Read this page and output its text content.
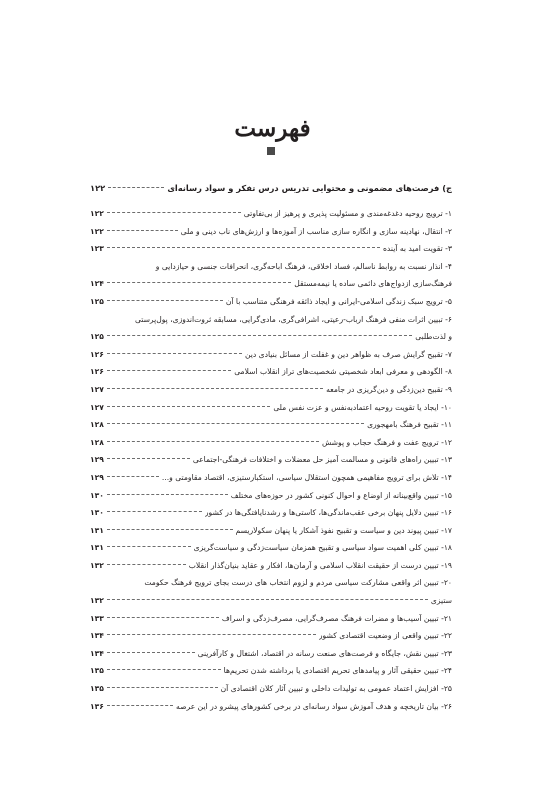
فهرست
ج) فرصت‌های مضمونی و محتوایی تدریس درس تفکر و سواد رسانه‌ای
۱۲۲
۱- ترویج روحیه دغدغه‌مندی و مسئولیت پذیری و پرهیز از بی‌تفاوتی
۱۲۲
۲- انتقال، نهادینه سازی و انگاره سازی مناسب از آموزه‌ها و ارزش‌های ناب دینی و ملی
۱۲۲
۳- تقویت امید به آینده
۱۲۳
۴- انذار نسبت به روابط ناسالم، فساد اخلاقی، فرهنگ اباحه‌گری، انحرافات جنسی و حیازدایی و
فرهنگ‌سازی ازدواج‌های دائمی ساده یا نیمه‌مستقل
۱۲۴
۵- ترویج سبک زندگی اسلامی-ایرانی و ایجاد ذائقه فرهنگی متناسب با آن
۱۲۵
۶- تبیین اثرات منفی فرهنگ ارباب-رعیتی، اشرافی‌گری، مادی‌گرایی، مسابقه ثروت‌اندوزی، پول‌پرستی
و لذت‌طلبی
۱۲۵
۷- تقبیح گرایش صرف به ظواهر دین و غفلت از مسائل بنیادی دین
۱۲۶
۸- الگودهی و معرفی ابعاد شخصیتی شخصیت‌های تراز انقلاب اسلامی
۱۲۶
۹- تقبیح دین‌زدگی و دین‌گریزی در جامعه
۱۲۷
۱۰- ایجاد یا تقویت روحیه اعتمادبه‌نفس و عزت نفس ملی
۱۲۷
۱۱- تقبیح فرهنگ بامهجوری
۱۲۸
۱۲- ترویج عفت و فرهنگ حجاب و پوشش
۱۲۸
۱۳- تبیین راه‌های قانونی و مسالمت آمیز حل معضلات و اختلافات فرهنگی-اجتماعی
۱۲۹
۱۴- تلاش برای ترویج مفاهیمی همچون استقلال سیاسی، استکبارستیزی، اقتصاد مقاومتی و...
۱۲۹
۱۵- تبیین واقع‌بینانه از اوضاع و احوال کنونی کشور در حوزه‌های مختلف
۱۳۰
۱۶- تبیین دلایل پنهان برخی عقب‌ماندگی‌ها، کاستی‌ها و رشدنایافتگی‌ها در کشور
۱۳۰
۱۷- تبیین پیوند دین و سیاست و تقبیح نفوذ آشکار یا پنهان سکولاریسم
۱۳۱
۱۸- تبیین کلی اهمیت سواد سیاسی و تقبیح همزمان سیاست‌زدگی و سیاست‌گریزی
۱۳۱
۱۹- تبیین درست از حقیقت انقلاب اسلامی و آرمان‌ها، افکار و عقاید بنیان‌گذار انقلاب
۱۳۲
۲۰- تبیین اثر واقعی مشارکت سیاسی مردم و لزوم انتخاب های درست بجای ترویج فرهنگ حکومت
ستیزی
۱۳۲
۲۱- تبیین آسیب‌ها و مضرات فرهنگ مصرف‌گرایی، مصرف‌زدگی و اسراف
۱۳۳
۲۲- تبیین واقعی از وضعیت اقتصادی کشور
۱۳۴
۲۳- تبیین نقش، جایگاه و فرصت‌های صنعت رسانه در اقتصاد، اشتغال و کارآفرینی
۱۳۴
۲۴- تبیین حقیقی آثار و پیامدهای تحریم اقتصادی یا برداشته شدن تحریم‌ها
۱۳۵
۲۵- افزایش اعتماد عمومی به تولیدات داخلی و تبیین آثار کلان اقتصادی آن
۱۳۵
۲۶- بیان تاریخچه و هدف آموزش سواد رسانه‌ای در برخی کشورهای پیشرو در این عرصه
۱۳۶
